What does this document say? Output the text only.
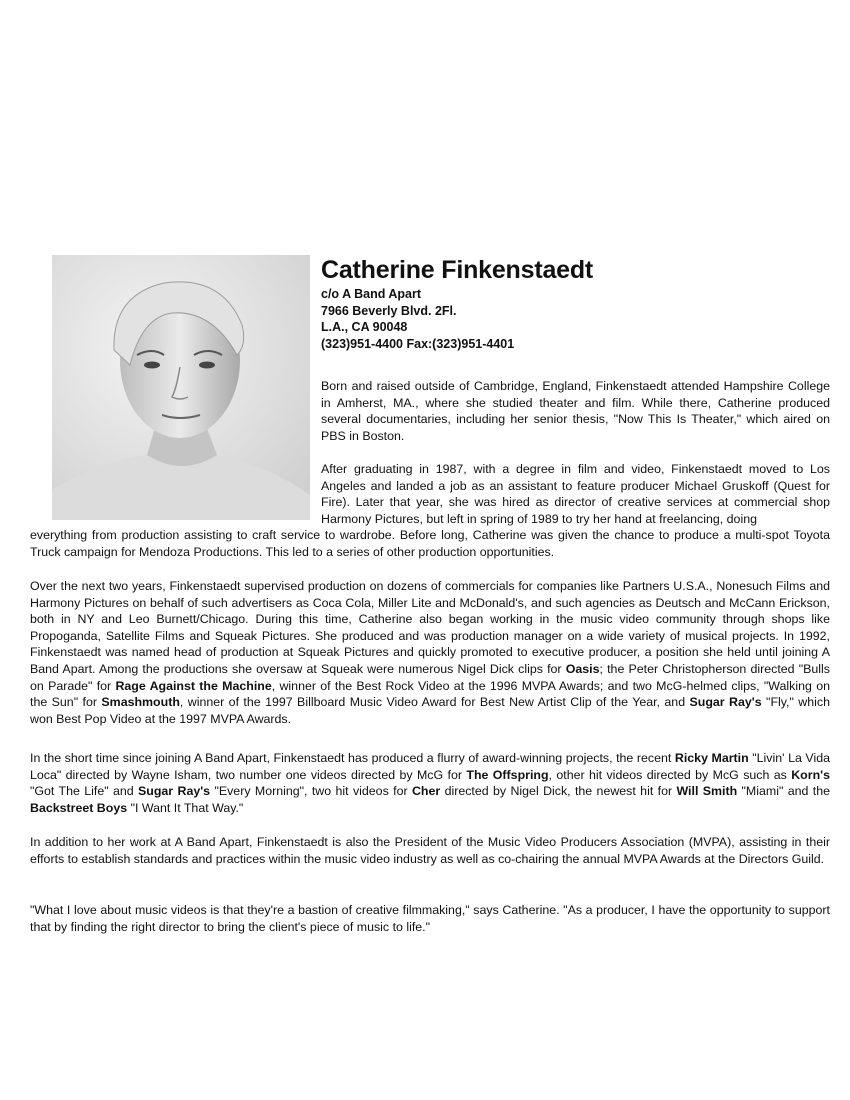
Catherine Finkenstaedt
c/o A Band Apart
7966 Beverly Blvd. 2Fl.
L.A., CA 90048
(323)951-4400 Fax:(323)951-4401

Born and raised outside of Cambridge, England, Finkenstaedt attended Hampshire College in Amherst, MA., where she studied theater and film. While there, Catherine produced several documentaries, including her senior thesis, "Now This Is Theater," which aired on PBS in Boston.

After graduating in 1987, with a degree in film and video, Finkenstaedt moved to Los Angeles and landed a job as an assistant to feature producer Michael Gruskoff (Quest for Fire). Later that year, she was hired as director of creative services at commercial shop Harmony Pictures, but left in spring of 1989 to try her hand at freelancing, doing

everything from production assisting to craft service to wardrobe. Before long, Catherine was given the chance to produce a multi-spot Toyota Truck campaign for Mendoza Productions. This led to a series of other production opportunities.

Over the next two years, Finkenstaedt supervised production on dozens of commercials for companies like Partners U.S.A., Nonesuch Films and Harmony Pictures on behalf of such advertisers as Coca Cola, Miller Lite and McDonald's, and such agencies as Deutsch and McCann Erickson, both in NY and Leo Burnett/Chicago. During this time, Catherine also began working in the music video community through shops like Propoganda, Satellite Films and Squeak Pictures. She produced and was production manager on a wide variety of musical projects. In 1992, Finkenstaedt was named head of production at Squeak Pictures and quickly promoted to executive producer, a position she held until joining A Band Apart. Among the productions she oversaw at Squeak were numerous Nigel Dick clips for Oasis; the Peter Christopherson directed "Bulls on Parade" for Rage Against the Machine, winner of the Best Rock Video at the 1996 MVPA Awards; and two McG-helmed clips, "Walking on the Sun" for Smashmouth, winner of the 1997 Billboard Music Video Award for Best New Artist Clip of the Year, and Sugar Ray's "Fly," which won Best Pop Video at the 1997 MVPA Awards.

In the short time since joining A Band Apart, Finkenstaedt has produced a flurry of award-winning projects, the recent Ricky Martin "Livin' La Vida Loca" directed by Wayne Isham, two number one videos directed by McG for The Offspring, other hit videos directed by McG such as Korn's "Got The Life" and Sugar Ray's "Every Morning", two hit videos for Cher directed by Nigel Dick, the newest hit for Will Smith "Miami" and the Backstreet Boys "I Want It That Way."

In addition to her work at A Band Apart, Finkenstaedt is also the President of the Music Video Producers Association (MVPA), assisting in their efforts to establish standards and practices within the music video industry as well as co-chairing the annual MVPA Awards at the Directors Guild.

"What I love about music videos is that they're a bastion of creative filmmaking," says Catherine. "As a producer, I have the opportunity to support that by finding the right director to bring the client's piece of music to life."
